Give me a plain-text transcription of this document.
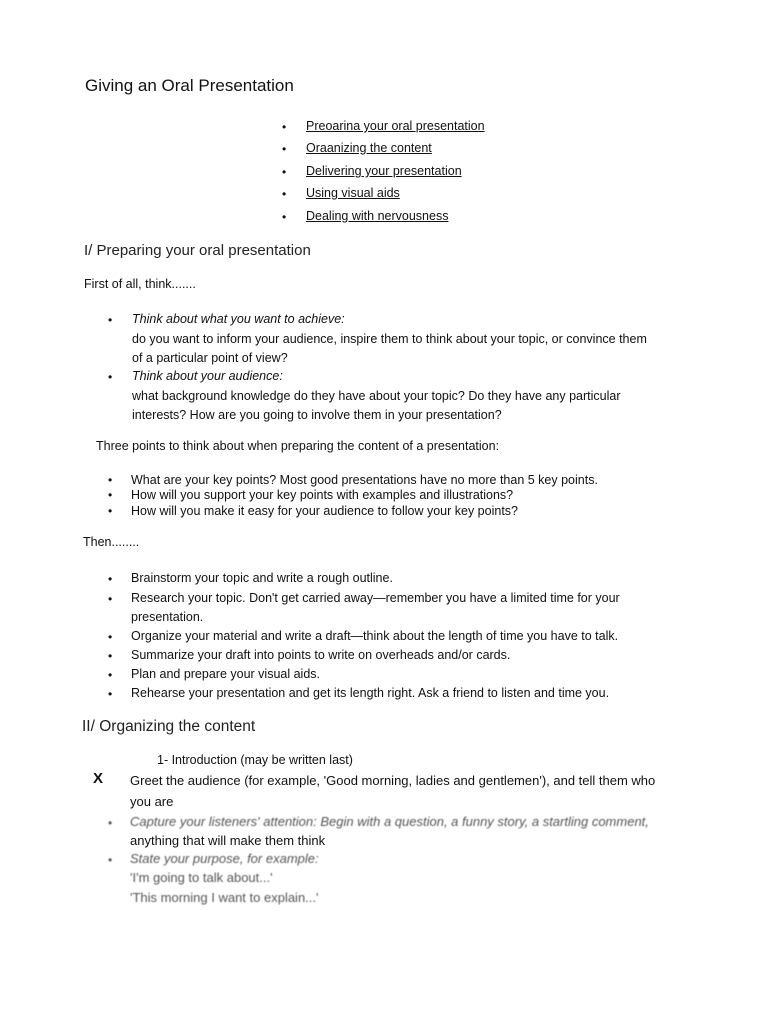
Giving an Oral Presentation
• Preoarina your oral presentation
• Oraanizing the content
• Delivering your presentation
• Using visual aids
• Dealing with nervousness
I/ Preparing your oral presentation
First of all, think.......
• Think about what you want to achieve:
do you want to inform your audience, inspire them to think about your topic, or convince them
of a particular point of view?
• Think about your audience:
what background knowledge do they have about your topic? Do they have any particular
interests? How are you going to involve them in your presentation?
Three points to think about when preparing the content of a presentation:
• What are your key points? Most good presentations have no more than 5 key points.
• How will you support your key points with examples and illustrations?
• How will you make it easy for your audience to follow your key points?
Then........
• Brainstorm your topic and write a rough outline.
• Research your topic. Don't get carried away—remember you have a limited time for your
presentation.
• Organize your material and write a draft—think about the length of time you have to talk.
• Summarize your draft into points to write on overheads and/or cards.
• Plan and prepare your visual aids.
• Rehearse your presentation and get its length right. Ask a friend to listen and time you.
II/ Organizing the content
1- Introduction (may be written last)
X Greet the audience (for example, 'Good morning, ladies and gentlemen'), and tell them who
you are
• Capture your listeners' attention: Begin with a question, a funny story, a startling comment,
anything that will make them think
• State your purpose, for example:
'I'm going to talk about...'
'This morning I want to explain...'
